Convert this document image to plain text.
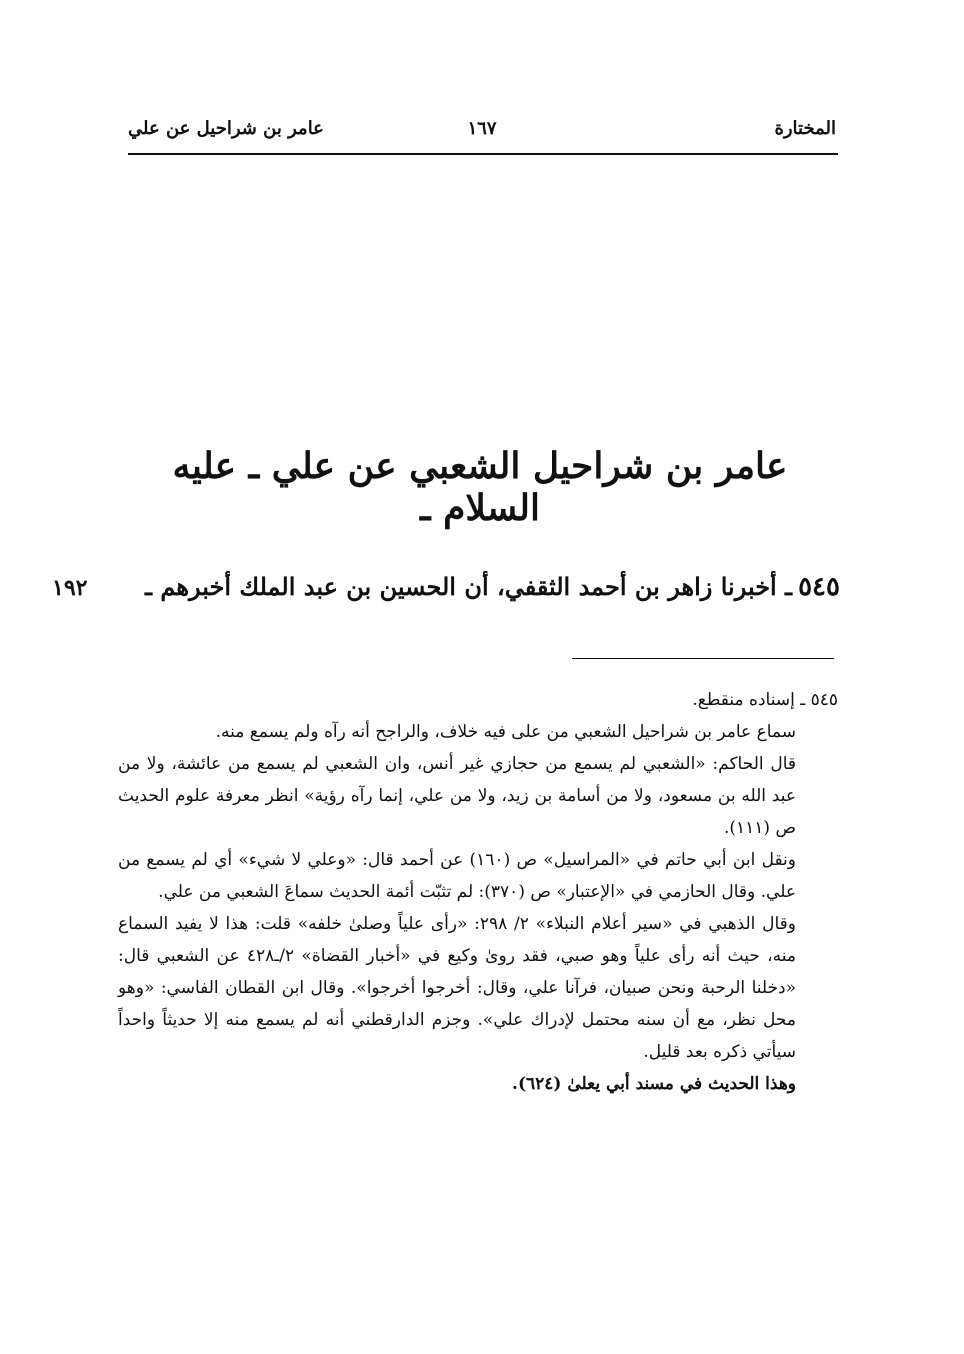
المختارة
١٦٧
عامر بن شراحيل عن علي
عامر بن شراحيل الشعبي عن علي ـ عليه السلام ـ
٥٤٥ـ أخبرنا زاهر بن أحمد الثقفي، أن الحسين بن عبد الملك أخبرهم ـ
١٩٢
٥٤٥ ـ إسناده منقطع.
سماع عامر بن شراحيل الشعبي من على فيه خلاف، والراجح أنه رآه ولم يسمع منه.
قال الحاكم: «الشعبي لم يسمع من حجازي غير أنس، وان الشعبي لم يسمع من عائشة، ولا من عبد الله بن مسعود، ولا من أسامة بن زيد، ولا من علي، إنما رآه رؤية» انظر معرفة علوم الحديث ص (١١١).
ونقل ابن أبي حاتم في «المراسيل» ص (١٦٠) عن أحمد قال: «وعلي لا شيء» أي لم يسمع من علي. وقال الحازمي في «الإعتبار» ص (٣٧٠): لم تثبّت أئمة الحديث سماعَ الشعبي من علي.
وقال الذهبي في «سير أعلام النبلاء» ٢/ ٢٩٨: «رأى علياً وصلىٰ خلفه» قلت: هذا لا يفيد السماع منه، حيث أنه رأى علياً وهو صبي، فقد روىٰ وكيع في «أخبار القضاة» ٢/ـ٤٢٨ عن الشعبي قال: «دخلنا الرحبة ونحن صبيان، فرآنا علي، وقال: أخرجوا أخرجوا». وقال ابن القطان الفاسي: «وهو محل نظر، مع أن سنه محتمل لإدراك علي». وجزم الدارقطني أنه لم يسمع منه إلا حديثاً واحداً سيأتي ذكره بعد قليل.
وهذا الحديث في مسند أبي يعلىٰ (٦٢٤).
